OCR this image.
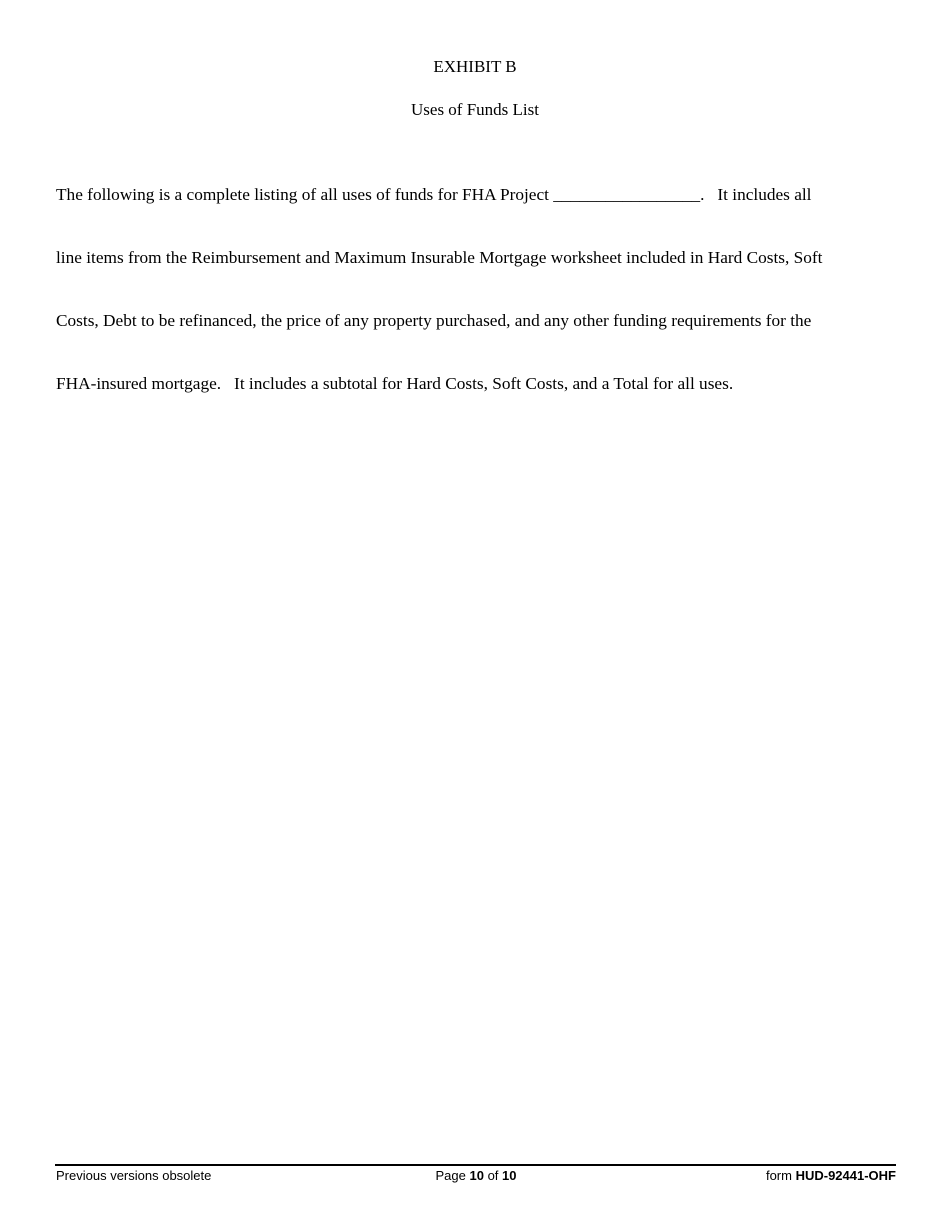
EXHIBIT B
Uses of Funds List

The following is a complete listing of all uses of funds for FHA Project _________________.   It includes all

line items from the Reimbursement and Maximum Insurable Mortgage worksheet included in Hard Costs, Soft

Costs, Debt to be refinanced, the price of any property purchased, and any other funding requirements for the

FHA-insured mortgage.   It includes a subtotal for Hard Costs, Soft Costs, and a Total for all uses.

Previous versions obsolete	Page 10 of 10	form HUD-92441-OHF
